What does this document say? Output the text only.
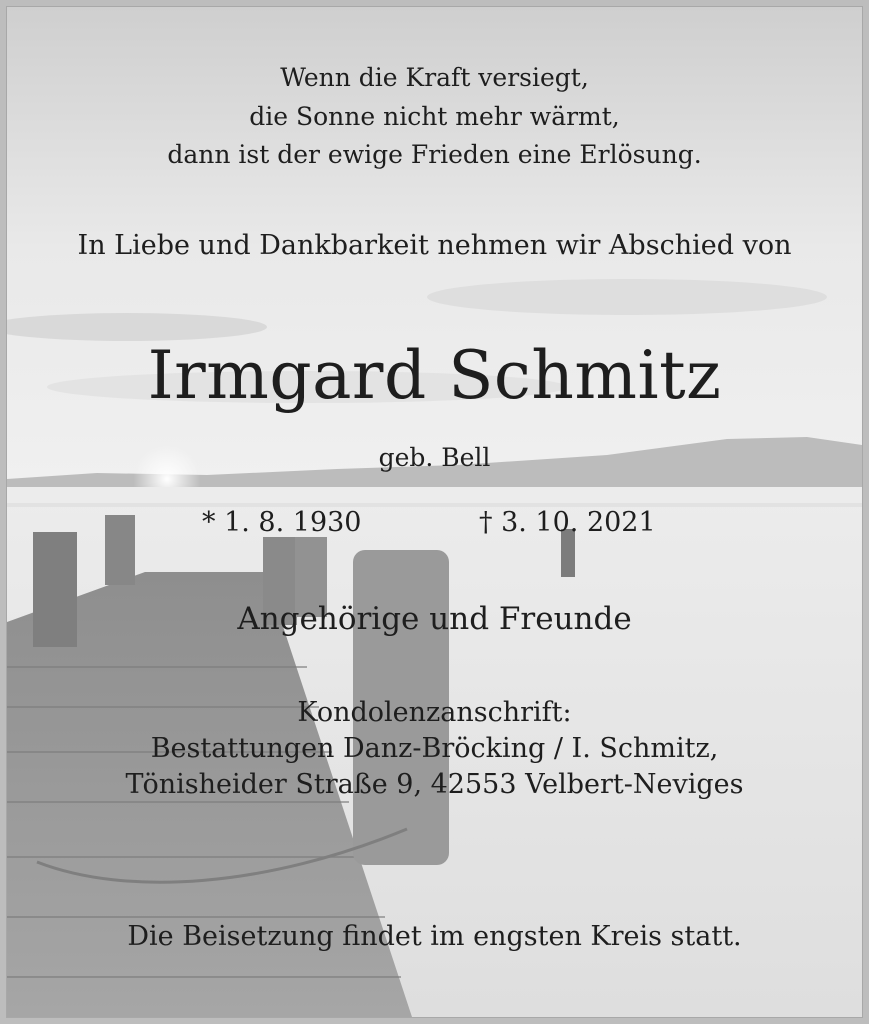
Wenn die Kraft versiegt,
die Sonne nicht mehr wärmt,
dann ist der ewige Frieden eine Erlösung.
In Liebe und Dankbarkeit nehmen wir Abschied von
Irmgard Schmitz
geb. Bell
* 1. 8. 1930	† 3. 10. 2021
Angehörige und Freunde
Kondolenzanschrift:
Bestattungen Danz-Bröcking / I. Schmitz,
Tönisheider Straße 9, 42553 Velbert-Neviges
Die Beisetzung findet im engsten Kreis statt.
